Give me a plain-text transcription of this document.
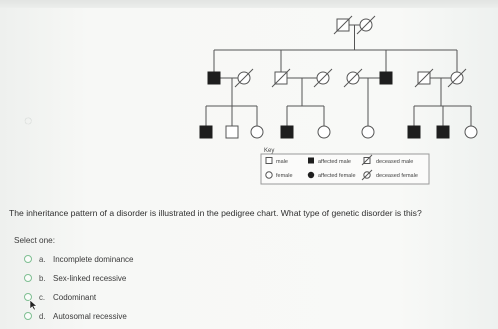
◌
Key
male	affected male	deceased male
female	affected female	deceased female
The inheritance pattern of a disorder is illustrated in the pedigree chart. What type of genetic disorder is this?
Select one:
a. Incomplete dominance
b. Sex-linked recessive
c. Codominant
d. Autosomal recessive
